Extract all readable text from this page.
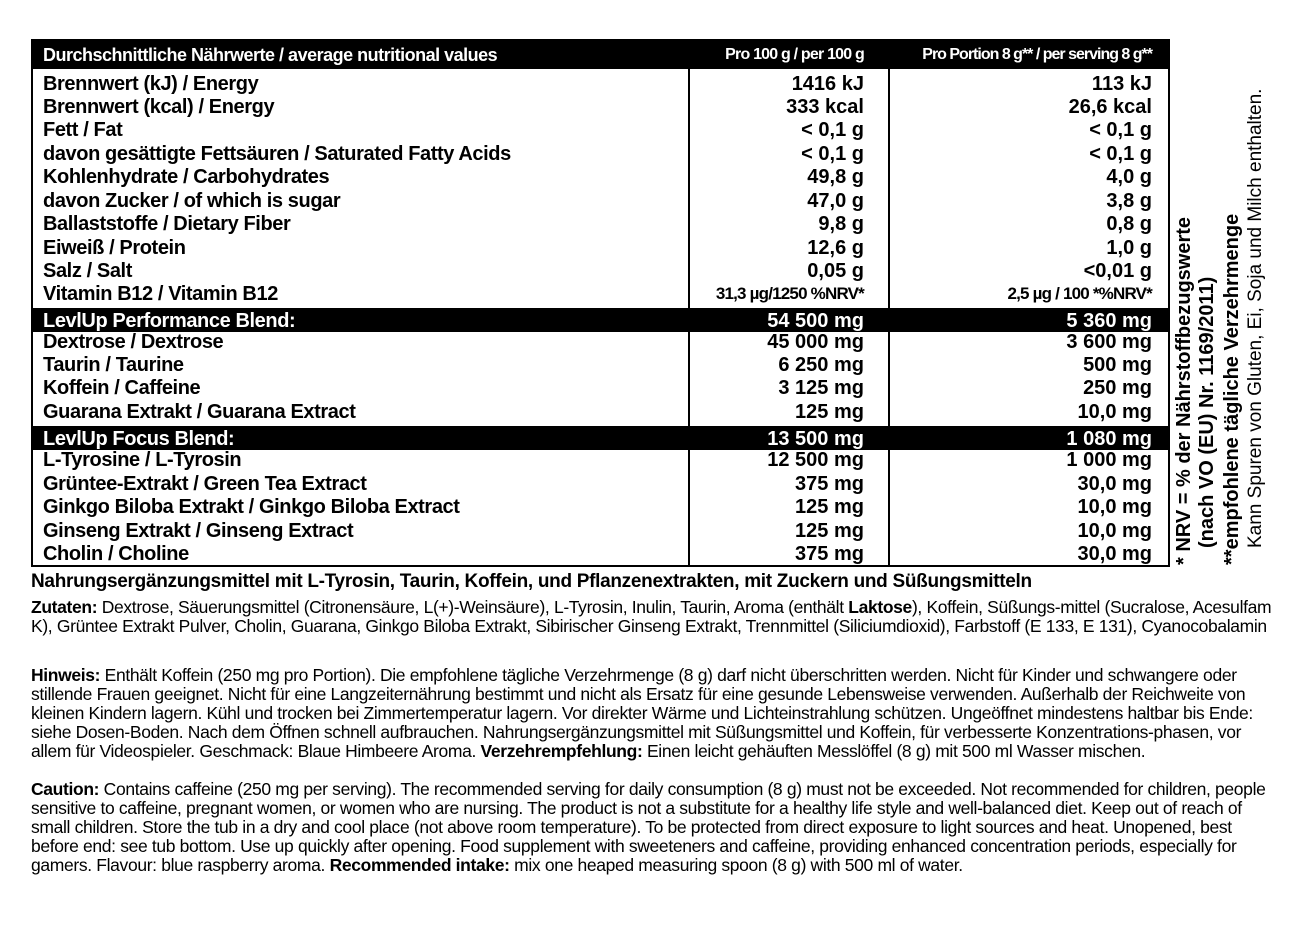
Durchschnittliche Nährwerte / average nutritional values	Pro 100 g / per 100 g	Pro Portion 8 g** / per serving 8 g**
Brennwert (kJ) / Energy	1416 kJ	113 kJ
Brennwert (kcal) / Energy	333 kcal	26,6 kcal
Fett / Fat	< 0,1 g	< 0,1 g
davon gesättigte Fettsäuren / Saturated Fatty Acids	< 0,1 g	< 0,1 g
Kohlenhydrate / Carbohydrates	49,8 g	4,0 g
davon Zucker / of which is sugar	47,0 g	3,8 g
Ballaststoffe / Dietary Fiber	9,8 g	0,8 g
Eiweiß / Protein	12,6 g	1,0 g
Salz / Salt	0,05 g	<0,01 g
Vitamin B12 / Vitamin B12	31,3 µg/1250 %NRV*	2,5 µg / 100 *%NRV*
LevlUp Performance Blend:	54 500 mg	5 360 mg
Dextrose / Dextrose	45 000 mg	3 600 mg
Taurin / Taurine	6 250 mg	500 mg
Koffein / Caffeine	3 125 mg	250 mg
Guarana Extrakt / Guarana Extract	125 mg	10,0 mg
LevlUp Focus Blend:	13 500 mg	1 080 mg
L-Tyrosine / L-Tyrosin	12 500 mg	1 000 mg
Grüntee-Extrakt / Green Tea Extract	375 mg	30,0 mg
Ginkgo Biloba Extrakt / Ginkgo Biloba Extract	125 mg	10,0 mg
Ginseng Extrakt / Ginseng Extract	125 mg	10,0 mg
Cholin / Choline	375 mg	30,0 mg	* NRV = % der Nährstoffbezugswerte (nach VO (EU) Nr. 1169/2011) **empfohlene tägliche Verzehrmenge Kann Spuren von Gluten, Ei, Soja und Milch enthalten.
Nahrungsergänzungsmittel mit L-Tyrosin, Taurin, Koffein, und Pflanzenextrakten, mit Zuckern und Süßungsmitteln
Zutaten: Dextrose, Säuerungsmittel (Citronensäure, L(+)-Weinsäure), L-Tyrosin, Inulin, Taurin, Aroma (enthält Laktose), Koffein, Süßungs-mittel (Sucralose, Acesulfam K), Grüntee Extrakt Pulver, Cholin, Guarana, Ginkgo Biloba Extrakt, Sibirischer Ginseng Extrakt, Trennmittel (Siliciumdioxid), Farbstoff (E 133, E 131), Cyanocobalamin
Hinweis: Enthält Koffein (250 mg pro Portion). Die empfohlene tägliche Verzehrmenge (8 g) darf nicht überschritten werden. Nicht für Kinder und schwangere oder stillende Frauen geeignet. Nicht für eine Langzeiternährung bestimmt und nicht als Ersatz für eine gesunde Lebensweise verwenden. Außerhalb der Reichweite von kleinen Kindern lagern. Kühl und trocken bei Zimmertemperatur lagern. Vor direkter Wärme und Lichteinstrahlung schützen. Ungeöffnet mindestens haltbar bis Ende: siehe Dosen-Boden. Nach dem Öffnen schnell aufbrauchen. Nahrungsergänzungsmittel mit Süßungsmittel und Koffein, für verbesserte Konzentrations-phasen, vor allem für Videospieler. Geschmack: Blaue Himbeere Aroma. Verzehrempfehlung: Einen leicht gehäuften Messlöffel (8 g) mit 500 ml Wasser mischen.
Caution: Contains caffeine (250 mg per serving). The recommended serving for daily consumption (8 g) must not be exceeded. Not recommended for children, people sensitive to caffeine, pregnant women, or women who are nursing. The product is not a substitute for a healthy life style and well-balanced diet. Keep out of reach of small children. Store the tub in a dry and cool place (not above room temperature). To be protected from direct exposure to light sources and heat. Unopened, best before end: see tub bottom. Use up quickly after opening. Food supplement with sweeteners and caffeine, providing enhanced concentration periods, especially for gamers. Flavour: blue raspberry aroma. Recommended intake: mix one heaped measuring spoon (8 g) with 500 ml of water.
